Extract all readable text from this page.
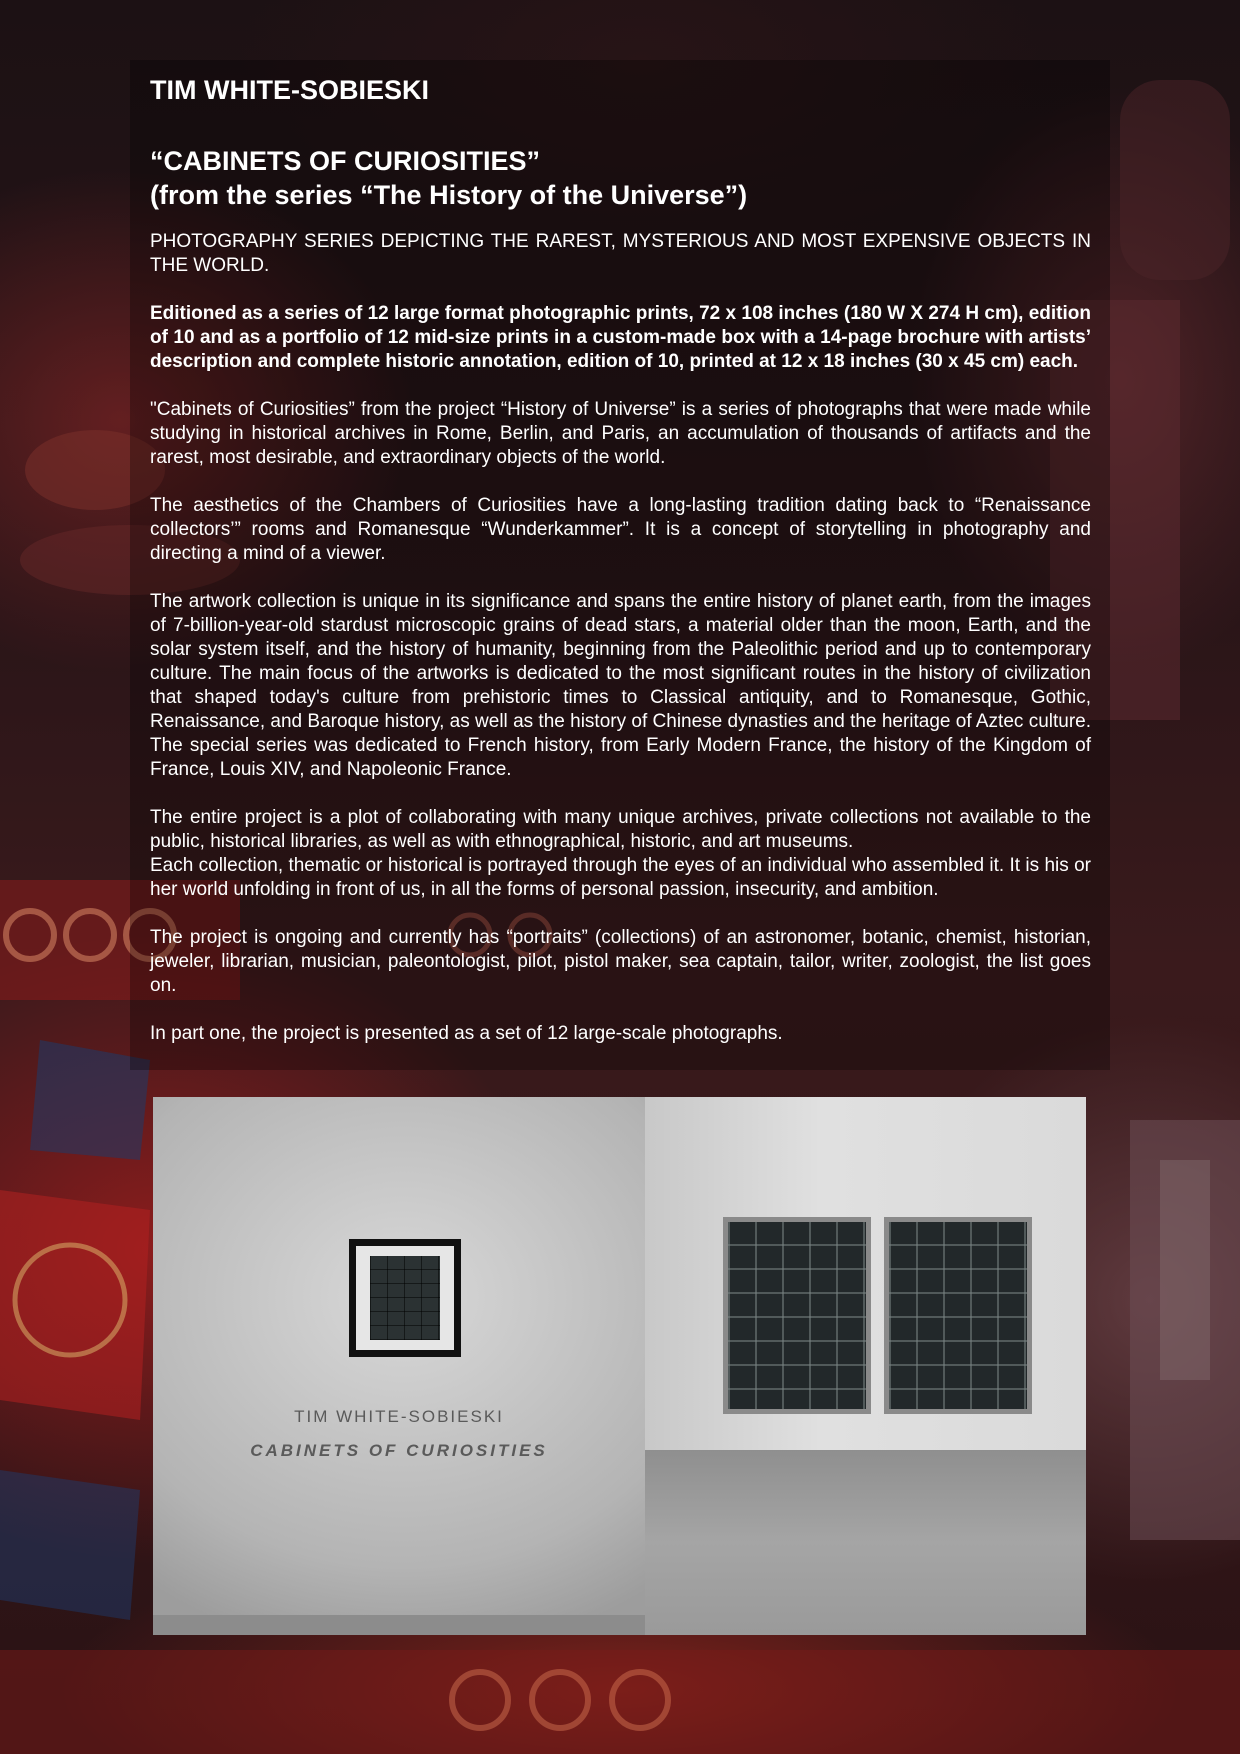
TIM WHITE-SOBIESKI
“CABINETS OF CURIOSITIES”
(from the series “The History of the Universe”)

PHOTOGRAPHY SERIES DEPICTING THE RAREST, MYSTERIOUS AND MOST EXPENSIVE OBJECTS IN THE WORLD.

Editioned as a series of 12 large format photographic prints, 72 x 108 inches (180 W X 274 H cm), edition of 10 and as a portfolio of 12 mid-size prints in a custom-made box with a 14-page brochure with artists’ description and complete historic annotation, edition of 10, printed at 12 x 18 inches (30 x 45 cm) each.

"Cabinets of Curiosities” from the project “History of Universe” is a series of photographs that were made while studying in historical archives in Rome, Berlin, and Paris, an accumulation of thousands of artifacts and the rarest, most desirable, and extraordinary objects of the world.

The aesthetics of the Chambers of Curiosities have a long-lasting tradition dating back to “Renaissance collectors’” rooms and Romanesque “Wunderkammer”. It is a concept of storytelling in photography and directing a mind of a viewer.

The artwork collection is unique in its significance and spans the entire history of planet earth, from the images of 7-billion-year-old stardust microscopic grains of dead stars, a material older than the moon, Earth, and the solar system itself, and the history of humanity, beginning from the Paleolithic period and up to contemporary culture. The main focus of the artworks is dedicated to the most significant routes in the history of civilization that shaped today's culture from prehistoric times to Classical antiquity, and to Romanesque, Gothic, Renaissance, and Baroque history, as well as the history of Chinese dynasties and the heritage of Aztec culture. The special series was dedicated to French history, from Early Modern France, the history of the Kingdom of France, Louis XIV, and Napoleonic France.

The entire project is a plot of collaborating with many unique archives, private collections not available to the public, historical libraries, as well as with ethnographical, historic, and art museums.

Each collection, thematic or historical is portrayed through the eyes of an individual who assembled it. It is his or her world unfolding in front of us, in all the forms of personal passion, insecurity, and ambition.

The project is ongoing and currently has “portraits” (collections) of an astronomer, botanic, chemist, historian, jeweler, librarian, musician, paleontologist, pilot, pistol maker, sea captain, tailor, writer, zoologist, the list goes on.

In part one, the project is presented as a set of 12 large-scale photographs.

TIM WHITE-SOBIESKI
CABINETS OF CURIOSITIES
